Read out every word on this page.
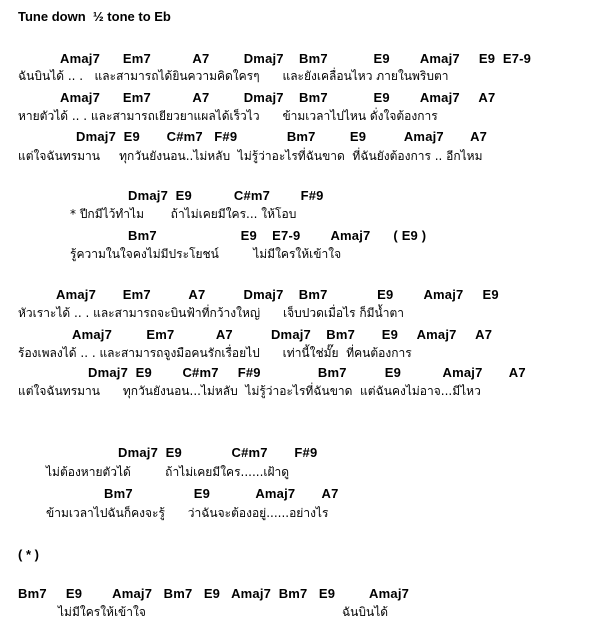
Tune down  ½ tone to Eb
Amaj7      Em7           A7         Dmaj7    Bm7            E9        Amaj7     E9  E7-9
ฉันบินได้ .. .   และสามารถได้ยินความคิดใครๆ      และยังเคลื่อนไหว ภายในพริบตา
Amaj7      Em7           A7         Dmaj7    Bm7            E9        Amaj7     A7
หายตัวได้ .. . และสามารถเยียวยาแผลได้เร็วไว      ข้ามเวลาไปไหน ดั่งใจต้องการ
Dmaj7  E9       C#m7   F#9             Bm7         E9          Amaj7       A7
แต่ใจฉันทรมาน     ทุกวันยังนอน..ไม่หลับ  ไม่รู้ว่าอะไรที่ฉันขาด  ที่ฉันยังต้องการ .. อีกไหม
Dmaj7  E9           C#m7        F#9
* ปีกมีไว้ทำไม       ถ้าไม่เคยมีใคร... ให้โอบ
Bm7                      E9    E7-9        Amaj7      ( E9 )
รู้ความในใจคงไม่มีประโยชน์         ไม่มีใครให้เข้าใจ
Amaj7       Em7          A7          Dmaj7    Bm7             E9        Amaj7     E9
หัวเราะได้ .. . และสามารถจะบินฟ้าที่กว้างใหญ่      เจ็บปวดเมื่อไร ก็มีน้ำตา
Amaj7         Em7           A7          Dmaj7    Bm7       E9     Amaj7     A7
ร้องเพลงได้ .. . และสามารถจูงมือคนรักเรื่อยไป      เท่านี้ใช่มั๊ย  ที่คนต้องการ
Dmaj7  E9        C#m7     F#9               Bm7          E9           Amaj7       A7
แต่ใจฉันทรมาน      ทุกวันยังนอน...ไม่หลับ  ไม่รู้ว่าอะไรที่ฉันขาด  แต่ฉันคงไม่อาจ...มีไหว
Dmaj7  E9             C#m7       F#9
ไม่ต้องหายตัวได้         ถ้าไม่เคยมีใคร......เฝ้าดู
Bm7                E9            Amaj7       A7
ข้ามเวลาไปฉันก็คงจะรู้      ว่าฉันจะต้องอยู่......อย่างไร
( * )
Bm7     E9        Amaj7   Bm7   E9   Amaj7  Bm7   E9         Amaj7
ไม่มีใครให้เข้าใจ	ฉันบินได้
